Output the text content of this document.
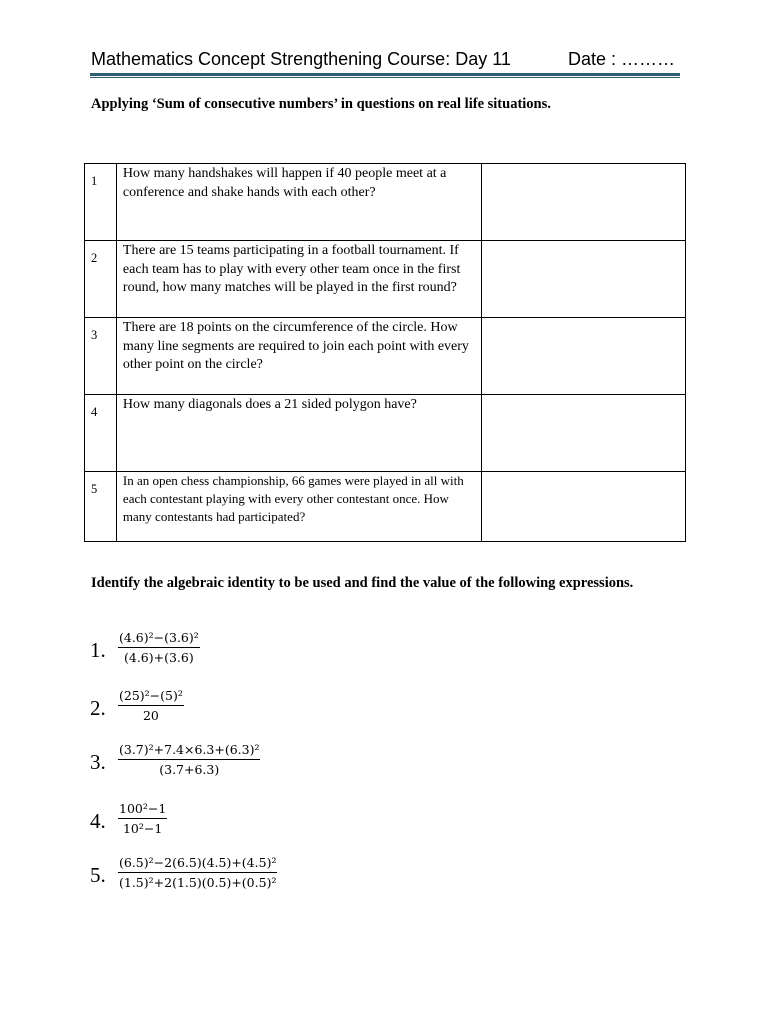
Mathematics Concept Strengthening Course: Day 11	Date : ………
Applying ‘Sum of consecutive numbers’ in questions on real life situations.
1	How many handshakes will happen if 40 people meet at a conference and shake hands with each other?	
2	There are 15 teams participating in a football tournament. If each team has to play with every other team once in the first round, how many matches will be played in the first round?	
3	There are 18 points on the circumference of the circle. How many line segments are required to join each point with every other point on the circle?	
4	How many diagonals does a 21 sided polygon have?	
5	In an open chess championship, 66 games were played in all with each contestant playing with every other contestant once. How many contestants had participated?	
Identify the algebraic identity to be used and find the value of the following expressions.
1. $\frac{\text{(4.6)²−(3.6)²}}{(4.6)+(3.6)}$
2. $\frac{\text{(25)²−(5)²}}{20}$
3. $\frac{\text{(3.7)²+7.4×6.3+(6.3)²}}{(3.7+6.3)}$
4. $\frac{\text{100²−1}}{\text{10²−1}}$
5. $\frac{\text{(6.5)²−2(6.5)(4.5)+(4.5)²}}{\text{(1.5)²+2(1.5)(0.5)+(0.5)²}}$
